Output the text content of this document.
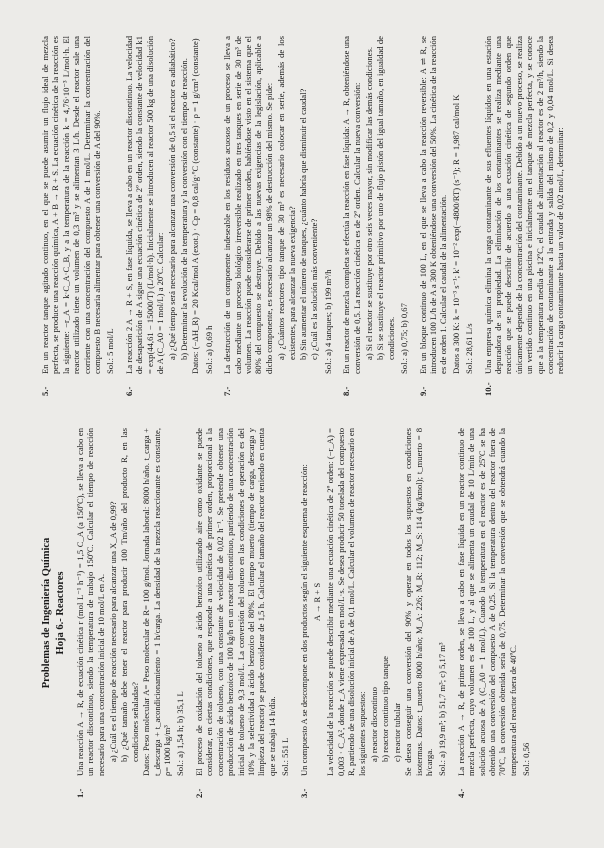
Problemas de Ingeniería Química Hoja 6.- Reactores
1.-

Una reacción A → R, de ecuación cinética r (mol L⁻¹ h⁻¹) = 1,5 C_A (a 150ºC), se lleva a cabo en un reactor discontinuo, siendo la temperatura de trabajo 150ºC. Calcular el tiempo de reacción necesario para una concentración inicial de 10 mol/L en A. a) ¿Cuál es el tiempo de reacción necesario para alcanzar una X_A de 0,99? b) ¿Qué tamaño debe tener el reactor para producir 100 Tm/año del producto R, en las condiciones señaladas? Datos: Peso molecular A= Peso molecular de R= 100 g/mol. Jornada laboral: 8000 h/año. t_carga + t_descarga + t_acondicionamiento = 1 h/carga. La densidad de la mezcla reaccionante es constante, ρ= 1000 kg/m³ Sol.: a) 1,54 h; b) 35,1 L
2.-

El proceso de oxidación del tolueno a ácido benzoico utilizando aire como oxidante se puede considerar, en ciertas condiciones, que responde a una cinética de primer orden, proporcional a la concentración de tolueno, con una constante de velocidad de 0,02 h⁻¹. Se pretende obtener una producción de ácido benzoico de 100 kg/h en un reactor discontinuo, partiendo de una concentración inicial de tolueno de 9,3 mol/L. La conversión del tolueno en las condiciones de operación es del 10% y la selectividad a ácido benzoico del 80%. El tiempo muerto (tiempo de carga, descarga y limpieza del reactor) se puede considerar de 1,5 h. Calcular el tamaño del reactor teniendo en cuenta que se trabaja 14 h/día. Sol.: 551 L
3.-

Un compuesto A se descompone en dos productos según el siguiente esquema de reacción: A → R + S La velocidad de la reacción se puede describir mediante una ecuación cinética de 2º orden: (−r_A) = 0,003 · C_A², donde r_A viene expresada en mol/L·s. Se desea producir 50 tonelada del compuesto R, partiendo de una disolución inicial de A de 0,1 mol/L. Calcular el volumen de reactor necesario en los siguientes supuestos: a) reactor discontinuo b) reactor continuo tipo tanque c) reactor tubular Se desea conseguir una conversión del 90% y operar en todos los supuestos en condiciones isotermas. Datos: t_muerto 8000 h/año; M_A: 226; M_R: 112; M_S: 114 (kg/kmol); t_muerto = 8 h/carga. Sol.: a) 19,9 m³; b) 51,7 m³; c) 5,17 m³
4.-

La reacción A → R, de primer orden, se lleva a cabo en fase líquida en un reactor continuo de mezcla perfecta, cuyo volumen es de 100 L, y al que se alimenta un caudal de 10 L/min de una solución acuosa de A (C_A0 = 1 mol/L). Cuando la temperatura en el reactor es de 25ºC se ha obtenido una conversión del compuesto A de 0,25. Si la temperatura dentro del reactor fuera de 70ºC, la conversión obtenida sería de 0,75. Determinar la conversión que se obtendrá cuando la temperatura del reactor fuera de 40ºC. Sol.: 0,56
5.-

En un reactor tanque agitado continuo, en el que se puede asumir un flujo ideal de mezcla perfecta, se produce una reacción química, A + B → R + S. La ecuación cinética de la reacción es la siguiente: −r_A = k·C_A·C_B, y a la temperatura de la reacción k = 4,76·10⁻³ L/mol·h. El reactor utilizado tiene un volumen de 0,3 m³ y se alimentan 3 L/h. Desde el reactor sale una corriente con una concentración del compuesto A de 1 mol/L. Determinar la concentración del compuesto B necesaria alimentar para obtener una conversión de A del 90%. Sol.: 5 mol/L
6.-

La reacción 2 A → R + S, en fase líquida, se lleva a cabo en un reactor discontinuo. La velocidad de desaparición de A sigue una ecuación cinética de 2º orden, siendo la constante de velocidad k1 = exp(44,61 − 15000/T) (L/mol·h). Inicialmente se introducen al reactor 500 kg de una disolución de A (C_A0 = 1 mol/L) a 20ºC. Calcular: a) ¿Qué tiempo será necesario para alcanzar una conversión de 0,5 si el reactor es adiabático? b) Determinar la evolución de la temperatura y la conversión con el tiempo de reacción. Datos: (−ΔH_R) = 20 Kcal/mol A (exot.) · Cp = 0,8 cal/g·ºC (constante) · ρ = 1 g/cm³ (constante) Sol.: a) 0,69 h
7.-

La destrucción de un componente indeseable en los residuos acuosos de un proceso se lleva a cabo mediante un proceso biológico irreversible realizado en tres tanques en serie de 30 m³ de volumen. La reacción puede considerarse de primer orden, habiéndose visto en el sistema que el 80% del compuesto se destruye. Debido a las nuevas exigencias de la legislación, aplicable a dicho componente, es necesario alcanzar un 98% de destrucción del mismo. Se pide: a) ¿Cuántos reactores tipo tanque de 30 m³ es necesario colocar en serie, además de los existentes, para alcanzar la nueva exigencia? b) Sin aumentar el número de tanques, ¿cuánto habría que disminuir el caudal? c) ¿Cuál es la solución más conveniente? Sol.: a) 4 tanques; b) 199 m³/h
8.-

En un reactor de mezcla completa se efectúa la reacción en fase líquida: A → R, obteniéndose una conversión de 0,5. La reacción cinética es de 2º orden. Calcular la nueva conversión: a) Si el reactor se sustituye por otro seis veces mayor, sin modificar las demás condiciones. b) Si se sustituye el reactor primitivo por uno de flujo pistón del igual tamaño, en igualdad de condiciones. Sol.: a) 0,75; b) 0,67
9.-

En un bloque continuo de 100 L, en el que se lleva a cabo la reacción reversible: A ⇌ R, se introducen 100 L/h de A a 300 K obteniéndose una conversión del 50%. La cinética de la reacción es de orden 1. Calcular el caudal de la alimentación. Datos a 300 K: k = 10⁻³ s⁻¹; k' = 10⁻² exp(−4800/RT) (s⁻¹); R = 1,987 cal/mol K Sol.: 28,61 L/s
10.-

Una empresa química elimina la carga contaminante de sus efluentes líquidos en una estación depuradora de su propiedad. La eliminación de los contaminantes se realiza mediante una reacción que se puede describir de acuerdo a una ecuación cinética de segundo orden que únicamente depende de la concentración del contaminante. Debido a un nuevo proceso, se realiza un vertido continuo en una piscina e inicialmente en el tanque de mezcla perfecta, y se conoce que a la temperatura media de 12ºC, el caudal de alimentación al reactor es de 2 m³/h, siendo la concentración de contaminante a la entrada y salida del mismo de 0,2 y 0,04 mol/L. Si desea reducir la carga contaminante hasta un valor de 0,02 mol/L, determinar:
